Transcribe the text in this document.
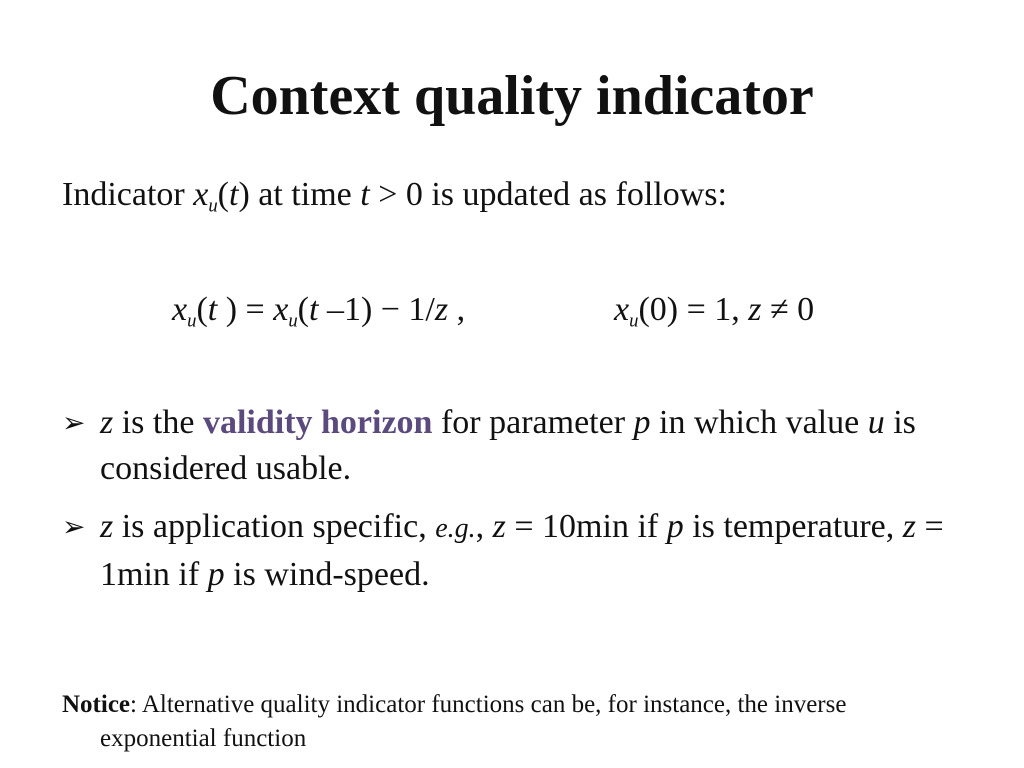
Context quality indicator
Indicator $x_u(t)$ at time t > 0 is updated as follows:
$x_u(t$ ) = $x_u(t$ –1) − 1/z ,	$x_u(0) = 1$, z ≠ 0
➢ z is the validity horizon for parameter p in which value u is considered usable.
➢ z is application specific, e.g., z = 10min if p is temperature, z = 1min if p is wind-speed.
Notice: Alternative quality indicator functions can be, for instance, the inverse
exponential function
